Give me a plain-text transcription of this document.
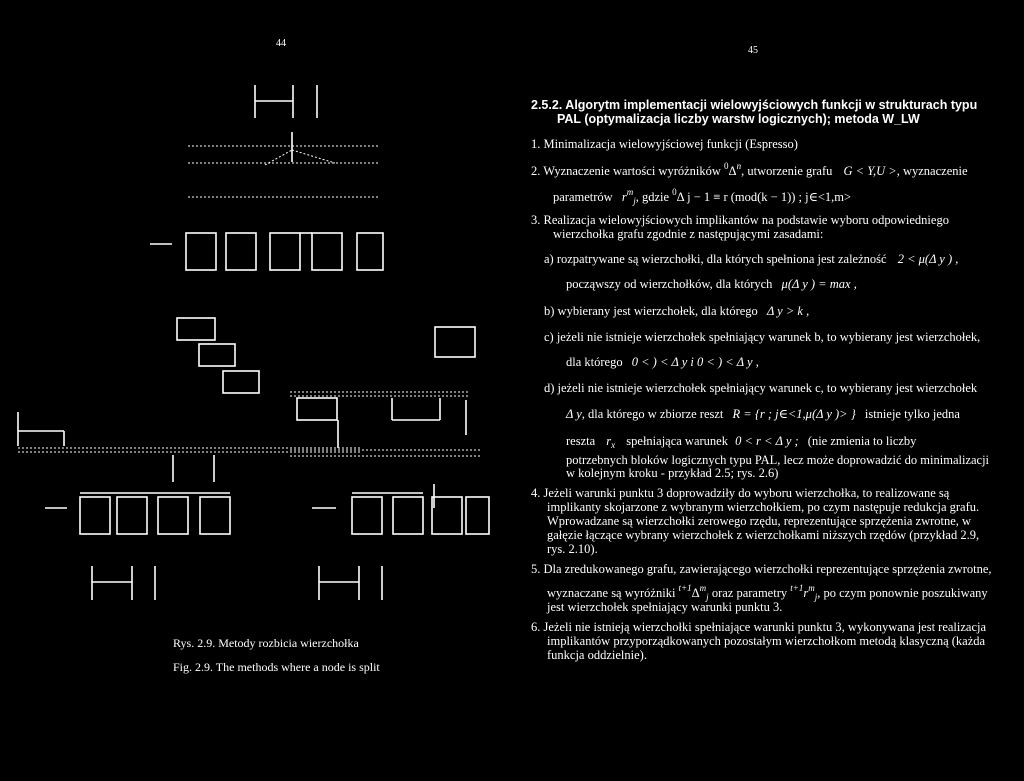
44
45
Rys. 2.9. Metody rozbicia wierzchołka
Fig. 2.9. The methods where a node is split
2.5.2. Algorytm implementacji wielowyjściowych funkcji w strukturach typu
PAL (optymalizacja liczby warstw logicznych); metoda W_LW
1. Minimalizacja wielowyjściowej funkcji (Espresso)
2. Wyznaczenie wartości wyróżników $^0\Delta^n$, utworzenie grafu G < Y,U >, wyznaczenie
parametrów $r^m_j$, gdzie $^0$Δ j − 1 ≡ r (mod(k − 1)) ; j∈<1,m>
3. Realizacja wielowyjściowych implikantów na podstawie wyboru odpowiedniego
wierzchołka grafu zgodnie z następującymi zasadami:
a) rozpatrywane są wierzchołki, dla których spełniona jest zależność 2 < μ(Δ y ) ,
począwszy od wierzchołków, dla których μ(Δ y ) = max ,
b) wybierany jest wierzchołek, dla którego Δ y > k ,
c) jeżeli nie istnieje wierzchołek spełniający warunek b, to wybierany jest wierzchołek,
dla którego 0 < ) < Δ y i 0 < ) < Δ y ,
d) jeżeli nie istnieje wierzchołek spełniający warunek c, to wybierany jest wierzchołek
Δ y, dla którego w zbiorze reszt R = {r ; j∈<1,μ(Δ y )> } istnieje tylko jedna
reszta $r_x$ spełniająca warunek 0 < r < Δ y ; (nie zmienia to liczby
potrzebnych bloków logicznych typu PAL, lecz może doprowadzić do minimalizacji
w kolejnym kroku - przykład 2.5; rys. 2.6)
4. Jeżeli warunki punktu 3 doprowadziły do wyboru wierzchołka, to realizowane są
implikanty skojarzone z wybranym wierzchołkiem, po czym następuje redukcja grafu.
Wprowadzane są wierzchołki zerowego rzędu, reprezentujące sprzężenia zwrotne, w
gałęzie łączące wybrany wierzchołek z wierzchołkami niższych rzędów (przykład 2.9,
rys. 2.10).
5. Dla zredukowanego grafu, zawierającego wierzchołki reprezentujące sprzężenia zwrotne,
wyznaczane są wyróżniki $^{t+1}\Delta^m_j$ oraz parametry $^{t+1}r^m_j$, po czym ponownie poszukiwany
jest wierzchołek spełniający warunki punktu 3.
6. Jeżeli nie istnieją wierzchołki spełniające warunki punktu 3, wykonywana jest realizacja
implikantów przyporządkowanych pozostałym wierzchołkom metodą klasyczną (każda
funkcja oddzielnie).
